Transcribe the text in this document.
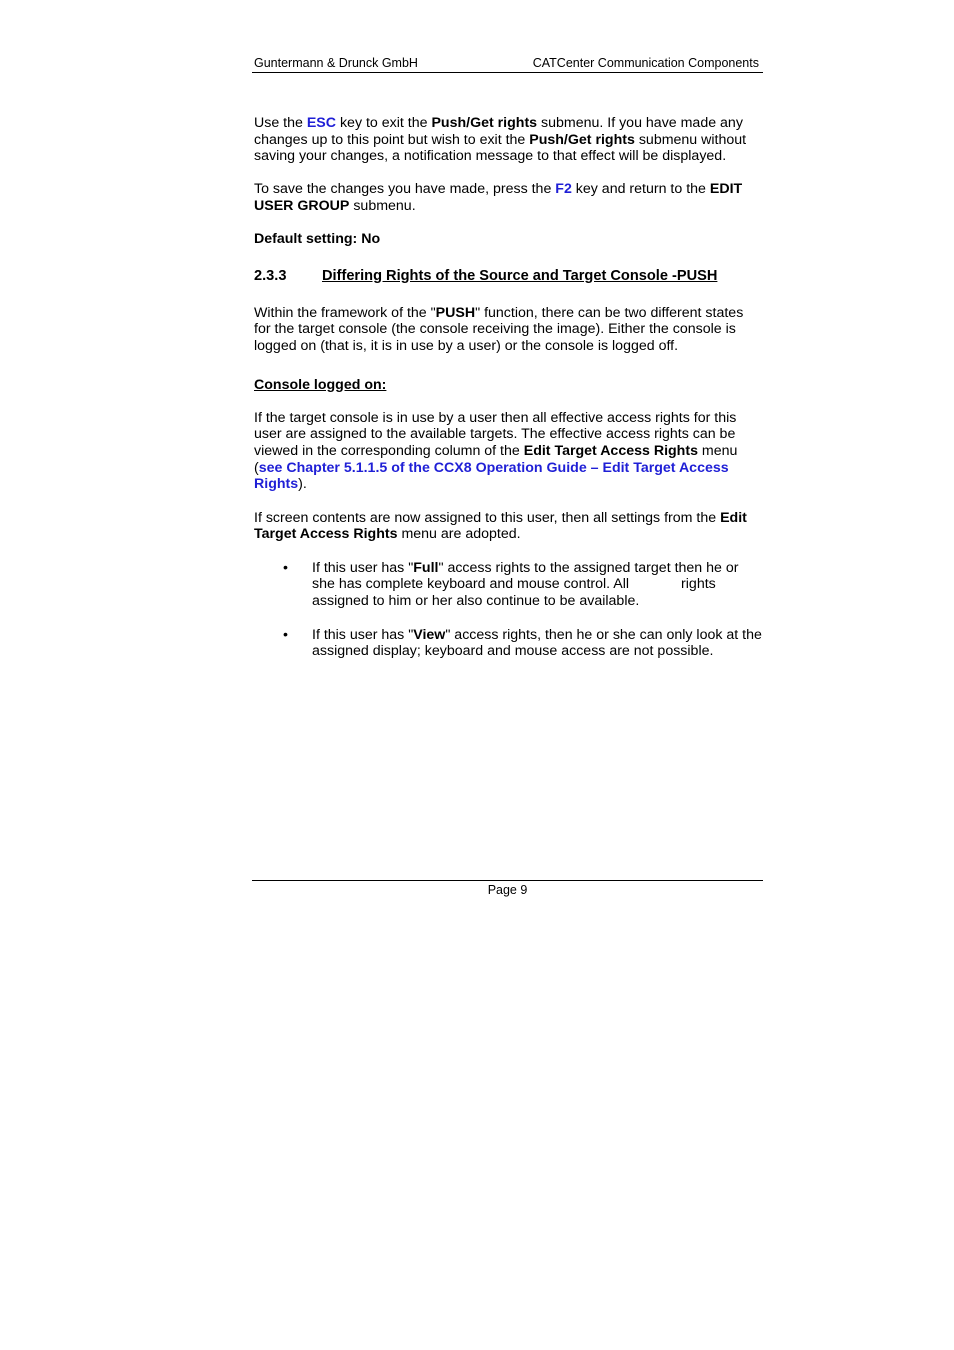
Guntermann & Drunck GmbH	CATCenter Communication Components

Use the ESC key to exit the Push/Get rights submenu. If you have made any changes up to this point but wish to exit the Push/Get rights submenu without saving your changes, a notification message to that effect will be displayed.

To save the changes you have made, press the F2 key and return to the EDIT USER GROUP submenu.

Default setting: No

2.3.3 Differing Rights of the Source and Target Console -PUSH

Within the framework of the "PUSH" function, there can be two different states for the target console (the console receiving the image). Either the console is logged on (that is, it is in use by a user) or the console is logged off.

Console logged on:

If the target console is in use by a user then all effective access rights for this user are assigned to the available targets. The effective access rights can be viewed in the corresponding column of the Edit Target Access Rights menu (see Chapter 5.1.1.5 of the CCX8 Operation Guide – Edit Target Access Rights).

If screen contents are now assigned to this user, then all settings from the Edit Target Access Rights menu are adopted.

• If this user has "Full" access rights to the assigned target then he or she has complete keyboard and mouse control. All	rights assigned to him or her also continue to be available.
• If this user has "View" access rights, then he or she can only look at the assigned display; keyboard and mouse access are not possible.
Page 9
